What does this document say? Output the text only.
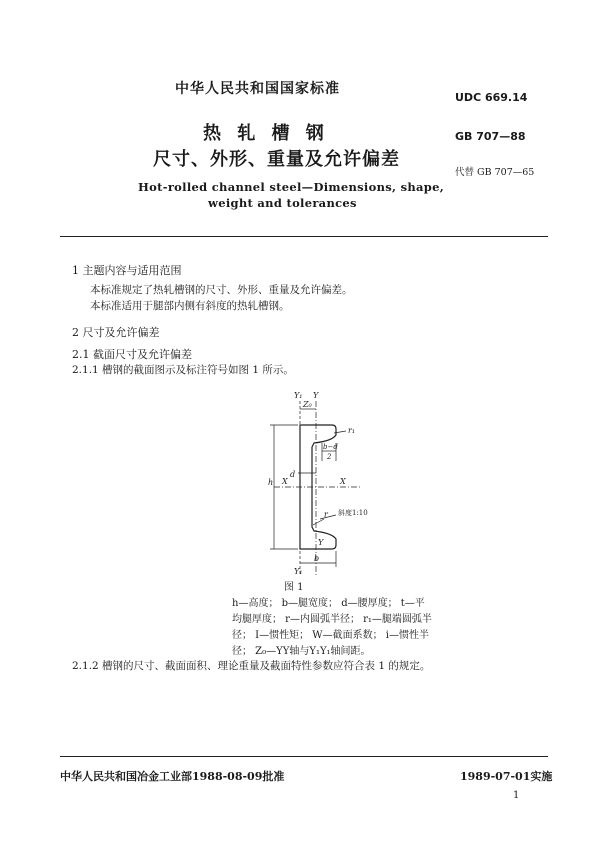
中华人民共和国国家标准
UDC 669.14
GB 707—88
代替 GB 707—65
热 轧 槽 钢
尺寸、外形、重量及允许偏差
Hot-rolled channel steel—Dimensions, shape,
weight and tolerances
1 主题内容与适用范围
本标准规定了热轧槽钢的尺寸、外形、重量及允许偏差。
本标准适用于腿部内侧有斜度的热轧槽钢。
2 尺寸及允许偏差
2.1 截面尺寸及允许偏差
2.1.1 槽钢的截面图示及标注符号如图 1 所示。
Y₁
Z₀
Y
r₁
b−d
2
d
X	X
h
r 斜度1:10
Y
b
Y₁
图 1
h—高度； b—腿宽度； d—腰厚度； t—平
均腿厚度； r—内圆弧半径； r₁—腿端圆弧半
径； I—惯性矩； W—截面系数； i—惯性半
径； Z₀—YY轴与Y₁Y₁轴间距。
2.1.2 槽钢的尺寸、截面面积、理论重量及截面特性参数应符合表 1 的规定。
中华人民共和国冶金工业部1988-08-09批准	1989-07-01实施
1
